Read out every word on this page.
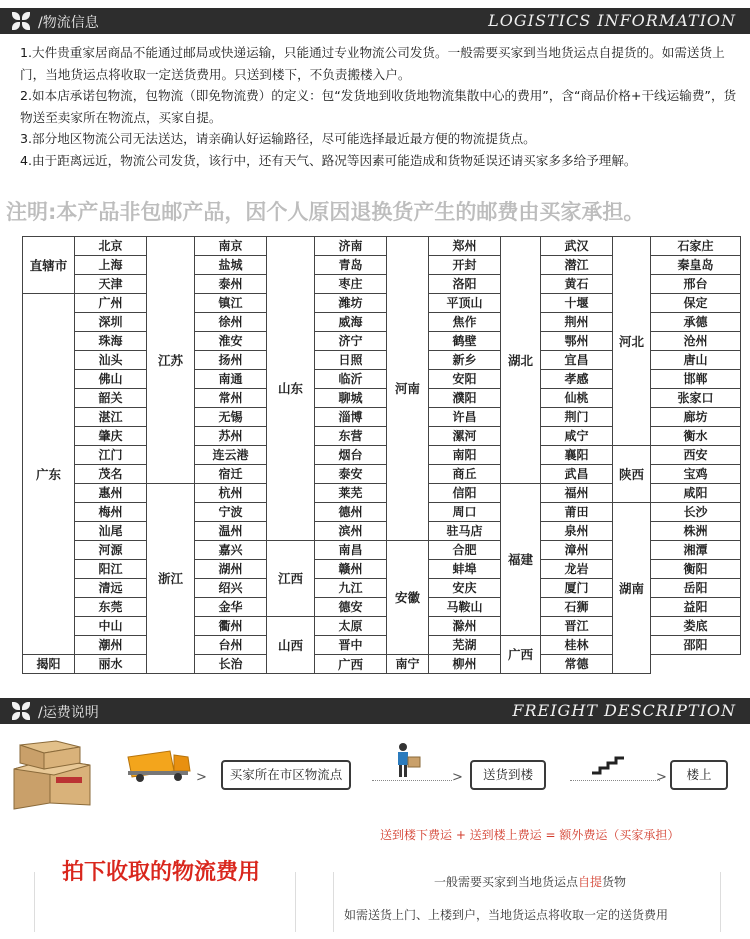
/物流信息	LOGISTICS INFORMATION

1.大件贵重家居商品不能通过邮局或快递运输，只能通过专业物流公司发货。一般需要买家到当地货运点自提货的。如需送货上门，当地货运点将收取一定送货费用。只送到楼下，不负责搬楼入户。

2.如本店承诺包物流，包物流（即免物流费）的定义：包“发货地到收货地物流集散中心的费用”，含“商品价格+干线运输费”，货物送至卖家所在物流点，买家自提。

3.部分地区物流公司无法送达，请亲确认好运输路径，尽可能选择最近最方便的物流提货点。

4.由于距离远近，物流公司发货，该行中，还有天气、路况等因素可能造成和货物延误还请买家多多给予理解。

注明:本产品非包邮产品，因个人原因退换货产生的邮费由买家承担。
直辖市	北京	江苏	南京	山东	济南	河南	郑州	湖北	武汉	河北	石家庄
	上海		盐城		青岛		开封		潜江		秦皇岛
	天津		泰州		枣庄		洛阳		黄石		邢台
广东	广州		镇江		潍坊		平顶山		十堰		保定
	深圳		徐州		威海		焦作		荆州		承德
	珠海		淮安		济宁		鹤壁		鄂州		沧州
	汕头		扬州		日照		新乡		宜昌		唐山
	佛山		南通		临沂		安阳		孝感		邯郸
	韶关		常州		聊城		濮阳		仙桃		张家口
	湛江		无锡		淄博		许昌		荆门		廊坊
	肇庆		苏州		东营		漯河		咸宁		衡水
	江门		连云港		烟台		南阳		襄阳	陕西	西安
	茂名		宿迁		泰安		商丘		武昌		宝鸡
	惠州	浙江	杭州		莱芜		信阳	福建	福州		咸阳
	梅州		宁波		德州		周口		莆田	湖南	长沙
	汕尾		温州		滨州		驻马店		泉州		株洲
	河源		嘉兴	江西	南昌	安徽	合肥		漳州		湘潭
	阳江		湖州		赣州		蚌埠		龙岩		衡阳
	清远		绍兴		九江		安庆		厦门		岳阳
	东莞		金华		德安		马鞍山		石狮		益阳
	中山		衢州	山西	太原		滁州		晋江		娄底
	潮州		台州		晋中		芜湖	广西	桂林		邵阳
揭阳	丽水		长治		广西	南宁	柳州		常德		
/运费说明	FREIGHT DESCRIPTION
>	买家所在市区物流点	>	送货到楼	>	楼上
送到楼下费运 + 送到楼上费运 = 额外费运（买家承担）
拍下收取的物流费用	一般需要买家到当地货运点自提货物
如需送货上门、上楼到户，当地货运点将收取一定的送货费用
